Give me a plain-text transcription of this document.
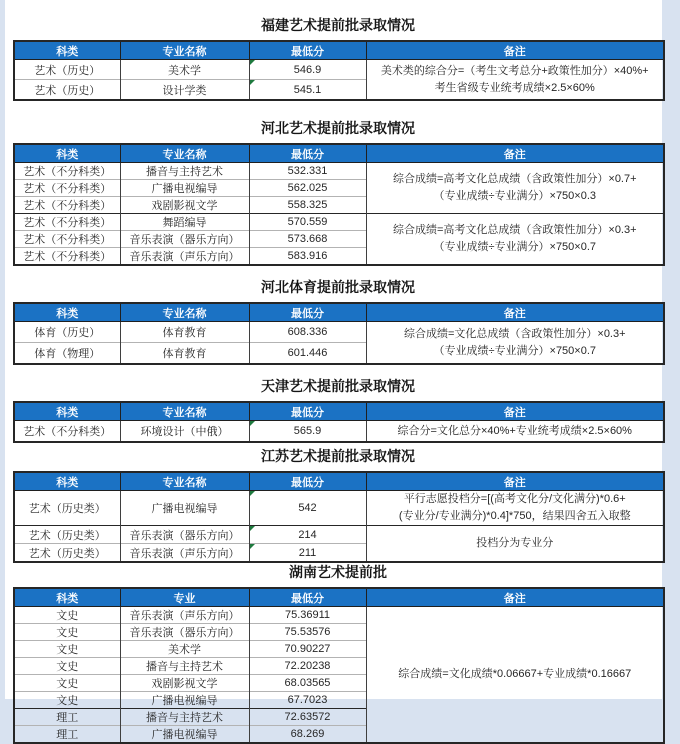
福建艺术提前批录取情况
科类	专业名称	最低分	备注
艺术（历史）	美术学	546.9	美术类的综合分=（考生文考总分+政策性加分）×40%+
考生省级专业统考成绩×2.5×60%

艺术（历史）	设计学类	545.1	
河北艺术提前批录取情况
科类	专业名称	最低分	备注
艺术（不分科类）	播音与主持艺术	532.331	综合成绩=高考文化总成绩（含政策性加分）×0.7+
（专业成绩÷专业满分）×750×0.3

艺术（不分科类）	广播电视编导	562.025	
艺术（不分科类）	戏剧影视文学	558.325	
艺术（不分科类）	舞蹈编导	570.559	综合成绩=高考文化总成绩（含政策性加分）×0.3+
（专业成绩÷专业满分）×750×0.7

艺术（不分科类）	音乐表演（器乐方向）	573.668	
艺术（不分科类）	音乐表演（声乐方向）	583.916	
河北体育提前批录取情况
科类	专业名称	最低分	备注
体育（历史）	体育教育	608.336	综合成绩=文化总成绩（含政策性加分）×0.3+
（专业成绩÷专业满分）×750×0.7

体育（物理）	体育教育	601.446	
天津艺术提前批录取情况
科类	专业名称	最低分	备注
艺术（不分科类）	环境设计（中俄）	565.9	综合分=文化总分×40%+专业统考成绩×2.5×60%
江苏艺术提前批录取情况
科类	专业名称	最低分	备注
艺术（历史类）	广播电视编导	542	平行志愿投档分=[(高考文化分/文化满分)*0.6+
(专业分/专业满分)*0.4]*750，结果四舍五入取整

艺术（历史类）	音乐表演（器乐方向）	214	投档分为专业分

艺术（历史类）	音乐表演（声乐方向）	211	
湖南艺术提前批
科类	专业	最低分	备注
文史	音乐表演（声乐方向）	75.36911	综合成绩=文化成绩*0.06667+专业成绩*0.16667

文史	音乐表演（器乐方向）	75.53576	
文史	美术学	70.90227	
文史	播音与主持艺术	72.20238	
文史	戏剧影视文学	68.03565	
文史	广播电视编导	67.7023	
理工	播音与主持艺术	72.63572	
理工	广播电视编导	68.269	
